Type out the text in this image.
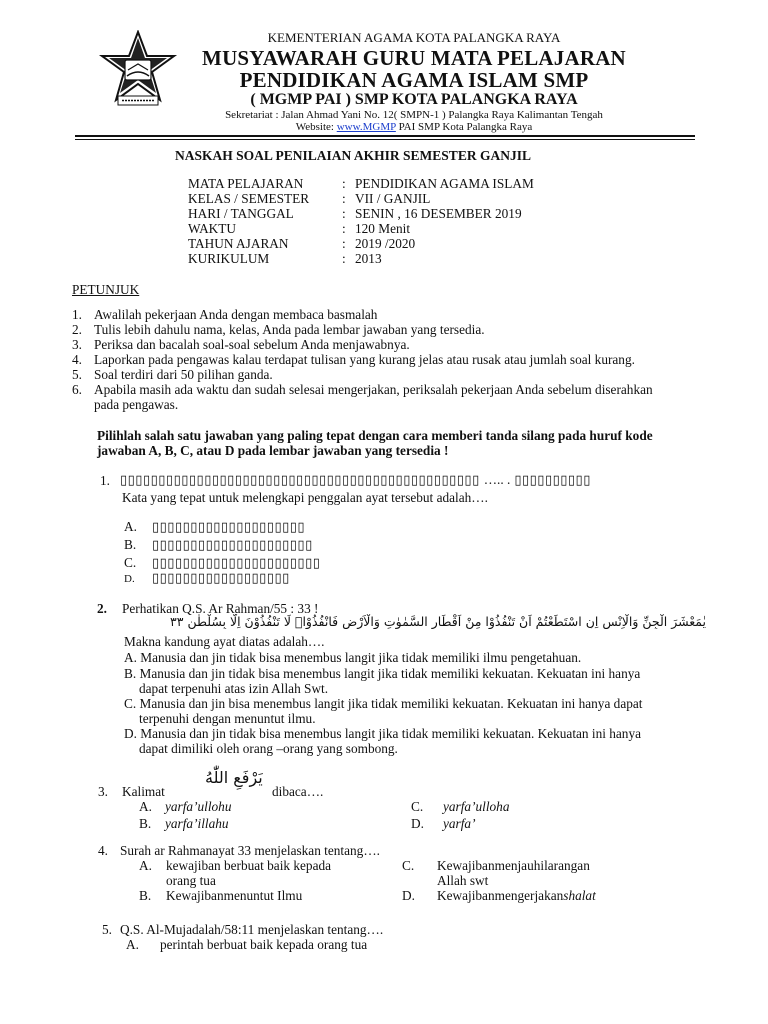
KEMENTERIAN AGAMA KOTA PALANGKA RAYA
MUSYAWARAH GURU MATA PELAJARAN
PENDIDIKAN AGAMA ISLAM SMP
( MGMP PAI ) SMP KOTA PALANGKA RAYA
Sekretariat : Jalan Ahmad Yani No. 12( SMPN-1 ) Palangka Raya Kalimantan Tengah
Website: www.MGMP PAI SMP Kota Palangka Raya
NASKAH SOAL PENILAIAN AKHIR SEMESTER GANJIL
MATA PELAJARAN	: PENDIDIKAN AGAMA ISLAM
KELAS / SEMESTER : VII / GANJIL
HARI / TANGGAL	: SENIN , 16 DESEMBER 2019
WAKTU	: 120 Menit
TAHUN AJARAN	: 2019 /2020
KURIKULUM	: 2013
PETUNJUK
1. Awalilah pekerjaan Anda dengan membaca basmalah
2. Tulis lebih dahulu nama, kelas, Anda pada lembar jawaban yang tersedia.
3. Periksa dan bacalah soal-soal sebelum Anda menjawabnya.
4. Laporkan pada pengawas kalau terdapat tulisan yang kurang jelas atau rusak atau jumlah soal kurang.
5. Soal terdiri dari 50 pilihan ganda.
6. Apabila masih ada waktu dan sudah selesai mengerjakan, periksalah pekerjaan Anda sebelum diserahkan
pada pengawas.
Pilihlah salah satu jawaban yang paling tepat dengan cara memberi tanda silang pada huruf kode
jawaban A, B, C, atau D pada lembar jawaban yang tersedia !
1. ▯▯▯▯▯▯▯▯▯▯▯▯▯▯▯▯▯▯▯▯▯▯▯▯▯▯▯▯▯▯▯▯▯▯▯▯▯▯▯▯▯▯▯▯▯▯▯ ….. . ▯▯▯▯▯▯▯▯▯▯
Kata yang tepat untuk melengkapi penggalan ayat tersebut adalah….
A. ▯▯▯▯▯▯▯▯▯▯▯▯▯▯▯▯▯▯▯▯
B. ▯▯▯▯▯▯▯▯▯▯▯▯▯▯▯▯▯▯▯▯▯
C. ▯▯▯▯▯▯▯▯▯▯▯▯▯▯▯▯▯▯▯▯▯▯
D. ▯▯▯▯▯▯▯▯▯▯▯▯▯▯▯▯▯▯
2. Perhatikan Q.S. Ar Rahman/55 : 33 !
يٰمَعْشَرَ الْجِنِّ وَالْاِنْسِ اِنِ اسْتَطَعْتُمْ اَنْ تَنْفُذُوْا مِنْ اَقْطَارِ السَّمٰوٰتِ وَالْاَرْضِ فَانْفُذُوْاۗ لَا تَنْفُذُوْنَ اِلَّا بِسُلْطٰنٍ ٣٣
Makna kandung ayat diatas adalah….
A. Manusia dan jin tidak bisa menembus langit jika tidak memiliki ilmu pengetahuan.
B. Manusia dan jin tidak bisa menembus langit jika tidak memiliki kekuatan. Kekuatan ini hanya
dapat terpenuhi atas izin Allah Swt.
C. Manusia dan jin bisa menembus langit jika tidak memiliki kekuatan. Kekuatan ini hanya dapat
terpenuhi dengan menuntut ilmu.
D. Manusia dan jin tidak bisa menembus langit jika tidak memiliki kekuatan. Kekuatan ini hanya
dapat dimiliki oleh orang –orang yang sombong.
3. Kalimat
يَرْفَعِ اللّٰهُ
dibaca….
A. yarfa’ullohu
B. yarfa’illahu
C. yarfa’ulloha
D. yarfa’
4. Surah ar Rahmanayat 33 menjelaskan tentang….
A. kewajiban berbuat baik kepada
orang tua
B. Kewajibanmenuntut Ilmu
C. Kewajibanmenjauhilarangan
Allah swt
D. Kewajibanmengerjakanshalat
5. Q.S. Al-Mujadalah/58:11 menjelaskan tentang….
A. perintah berbuat baik kepada orang tua
